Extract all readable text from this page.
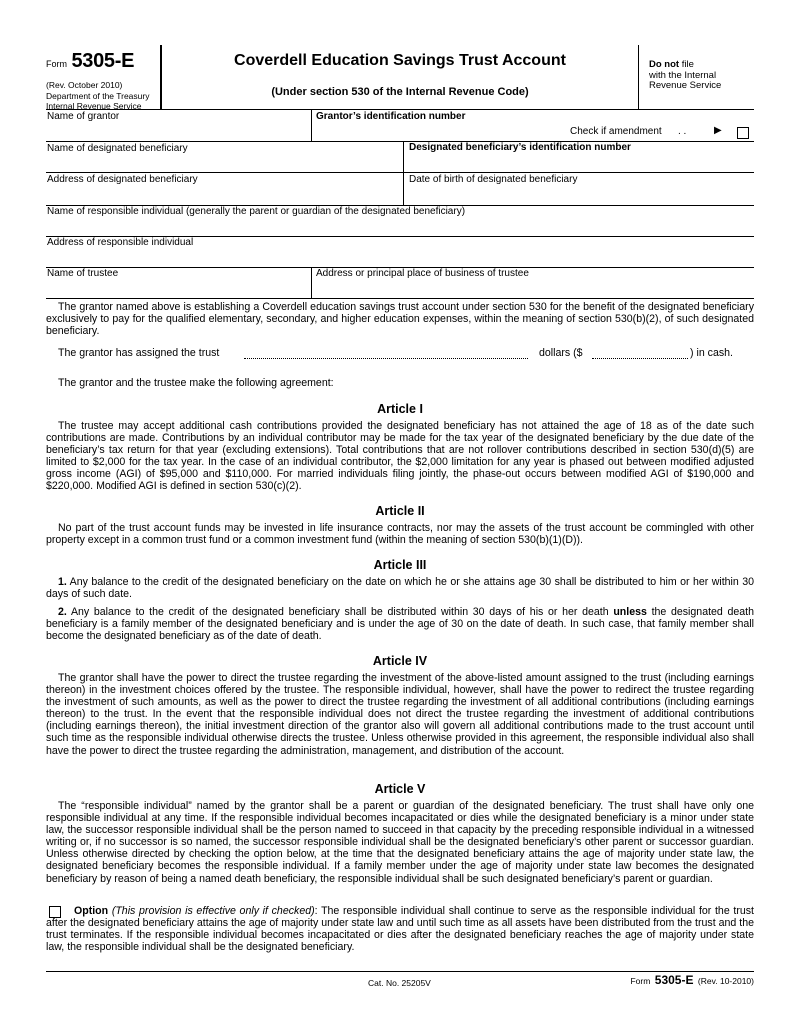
Form 5305-E
(Rev. October 2010)
Department of the Treasury
Internal Revenue Service
Coverdell Education Savings Trust Account
(Under section 530 of the Internal Revenue Code)
Do not file
with the Internal
Revenue Service
Name of grantor	Grantor’s identification number
Check if amendment . .	▶
Name of designated beneficiary	Designated beneficiary’s identification number
Address of designated beneficiary	Date of birth of designated beneficiary
Name of responsible individual (generally the parent or guardian of the designated beneficiary)
Address of responsible individual
Name of trustee	Address or principal place of business of trustee
The grantor named above is establishing a Coverdell education savings trust account under section 530 for the benefit of the designated beneficiary exclusively to pay for the qualified elementary, secondary, and higher education expenses, within the meaning of section 530(b)(2), of such designated beneficiary.
The grantor has assigned the trust	dollars ($	) in cash.
The grantor and the trustee make the following agreement:
Article I
The trustee may accept additional cash contributions provided the designated beneficiary has not attained the age of 18 as of the date such contributions are made. Contributions by an individual contributor may be made for the tax year of the designated beneficiary by the due date of the beneficiary’s tax return for that year (excluding extensions). Total contributions that are not rollover contributions described in section 530(d)(5) are limited to $2,000 for the tax year. In the case of an individual contributor, the $2,000 limitation for any year is phased out between modified adjusted gross income (AGI) of $95,000 and $110,000. For married individuals filing jointly, the phase-out occurs between modified AGI of $190,000 and $220,000. Modified AGI is defined in section 530(c)(2).
Article II
No part of the trust account funds may be invested in life insurance contracts, nor may the assets of the trust account be commingled with other property except in a common trust fund or a common investment fund (within the meaning of section 530(b)(1)(D)).
Article III
1. Any balance to the credit of the designated beneficiary on the date on which he or she attains age 30 shall be distributed to him or her within 30 days of such date.
2. Any balance to the credit of the designated beneficiary shall be distributed within 30 days of his or her death unless the designated death beneficiary is a family member of the designated beneficiary and is under the age of 30 on the date of death. In such case, that family member shall become the designated beneficiary as of the date of death.
Article IV
The grantor shall have the power to direct the trustee regarding the investment of the above-listed amount assigned to the trust (including earnings thereon) in the investment choices offered by the trustee. The responsible individual, however, shall have the power to redirect the trustee regarding the investment of such amounts, as well as the power to direct the trustee regarding the investment of all additional contributions (including earnings thereon) to the trust. In the event that the responsible individual does not direct the trustee regarding the investment of additional contributions (including earnings thereon), the initial investment direction of the grantor also will govern all additional contributions made to the trust account until such time as the responsible individual otherwise directs the trustee. Unless otherwise provided in this agreement, the responsible individual also shall have the power to direct the trustee regarding the administration, management, and distribution of the account.
Article V
The “responsible individual” named by the grantor shall be a parent or guardian of the designated beneficiary. The trust shall have only one responsible individual at any time. If the responsible individual becomes incapacitated or dies while the designated beneficiary is a minor under state law, the successor responsible individual shall be the person named to succeed in that capacity by the preceding responsible individual in a witnessed writing or, if no successor is so named, the successor responsible individual shall be the designated beneficiary’s other parent or successor guardian. Unless otherwise directed by checking the option below, at the time that the designated beneficiary attains the age of majority under state law, the designated beneficiary becomes the responsible individual. If a family member under the age of majority under state law becomes the designated beneficiary by reason of being a named death beneficiary, the responsible individual shall be such designated beneficiary’s parent or guardian.
Option (This provision is effective only if checked): The responsible individual shall continue to serve as the responsible individual for the trust after the designated beneficiary attains the age of majority under state law and until such time as all assets have been distributed from the trust and the trust terminates. If the responsible individual becomes incapacitated or dies after the designated beneficiary reaches the age of majority under state law, the responsible individual shall be the designated beneficiary.
Cat. No. 25205V	Form 5305-E (Rev. 10-2010)
